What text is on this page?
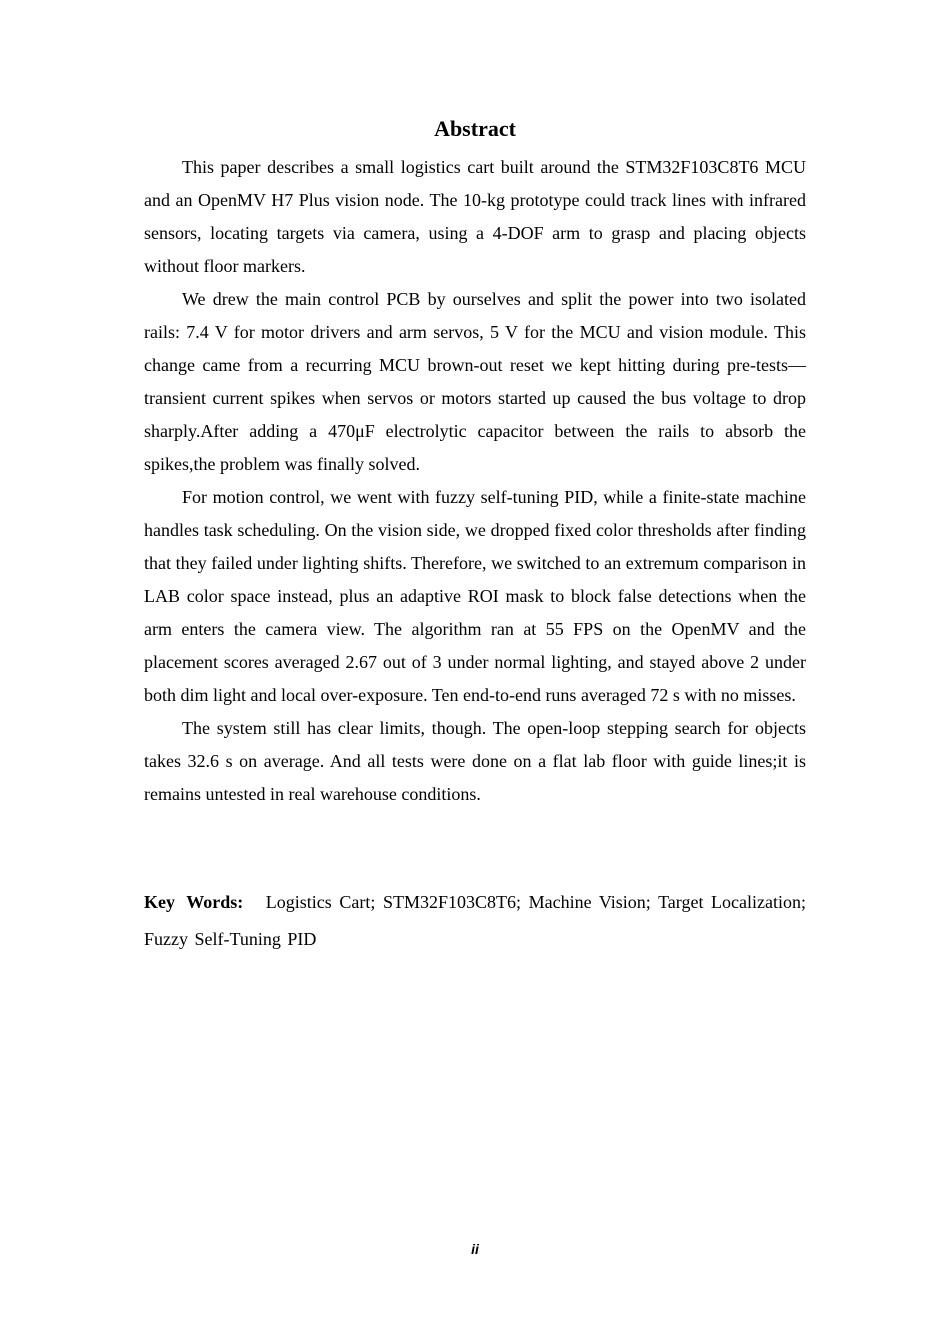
Abstract

This paper describes a small logistics cart built around the STM32F103C8T6 MCU and an OpenMV H7 Plus vision node. The 10-kg prototype could track lines with infrared sensors, locating targets via camera, using a 4-DOF arm to grasp and placing objects without floor markers.

We drew the main control PCB by ourselves and split the power into two isolated rails: 7.4 V for motor drivers and arm servos, 5 V for the MCU and vision module. This change came from a recurring MCU brown-out reset we kept hitting during pre-tests—transient current spikes when servos or motors started up caused the bus voltage to drop sharply.After adding a 470μF electrolytic capacitor between the rails to absorb the spikes,the problem was finally solved.

For motion control, we went with fuzzy self-tuning PID, while a finite-state machine handles task scheduling. On the vision side, we dropped fixed color thresholds after finding that they failed under lighting shifts. Therefore, we switched to an extremum comparison in LAB color space instead, plus an adaptive ROI mask to block false detections when the arm enters the camera view. The algorithm ran at 55 FPS on the OpenMV and the placement scores averaged 2.67 out of 3 under normal lighting, and stayed above 2 under both dim light and local over-exposure. Ten end-to-end runs averaged 72 s with no misses.

The system still has clear limits, though. The open-loop stepping search for objects takes 32.6 s on average. And all tests were done on a flat lab floor with guide lines;it is remains untested in real warehouse conditions.

Key Words: Logistics Cart; STM32F103C8T6; Machine Vision; Target Localization; Fuzzy Self-Tuning PID

ii
